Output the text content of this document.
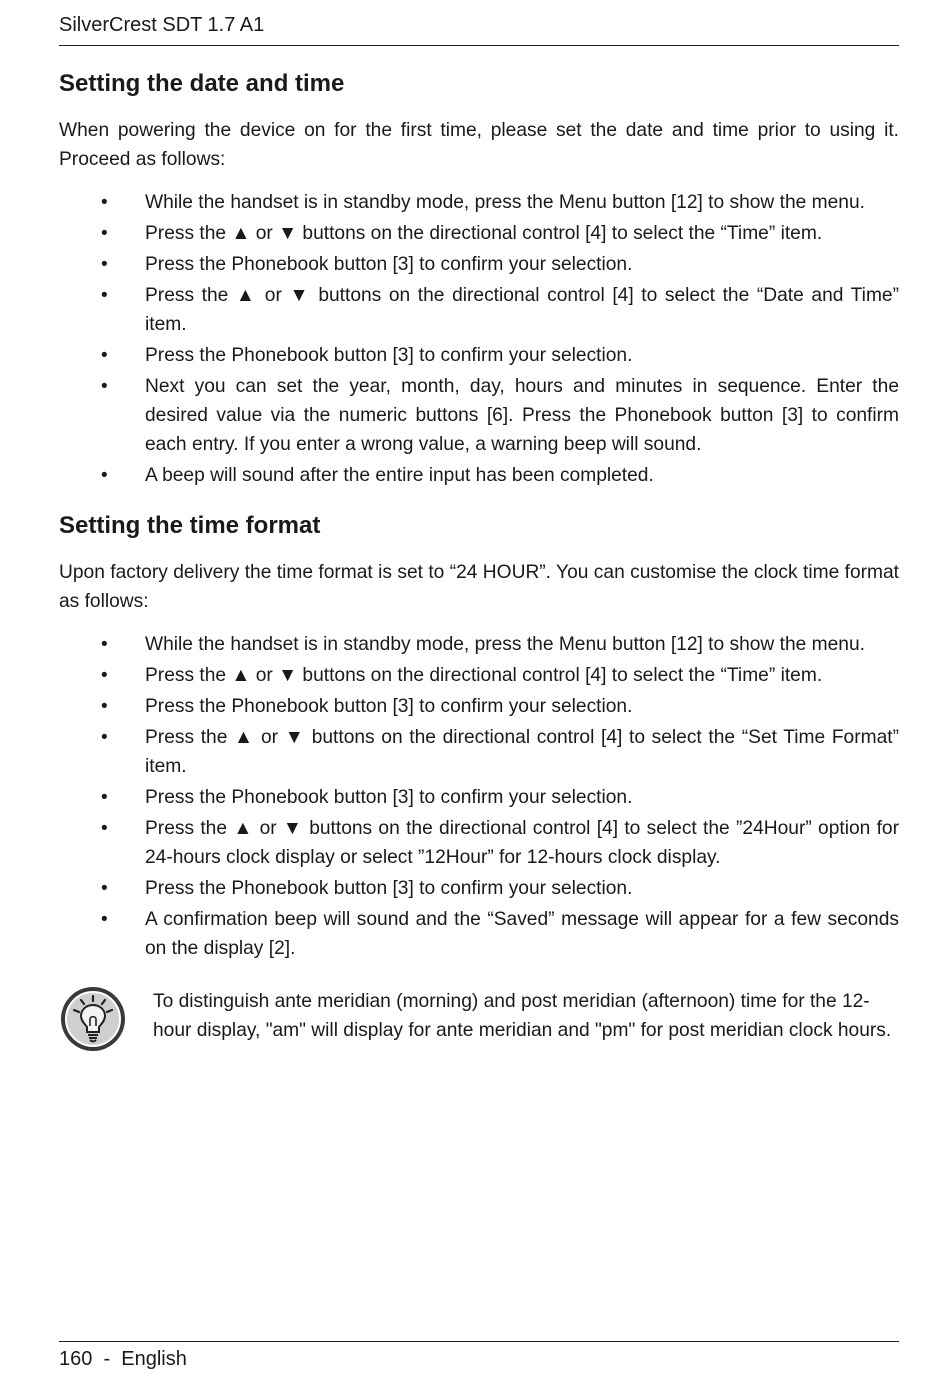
SilverCrest SDT 1.7 A1
Setting the date and time

When powering the device on for the first time, please set the date and time prior to using it. Proceed as follows:

• While the handset is in standby mode, press the Menu button [12] to show the menu.
• Press the ▲ or ▼ buttons on the directional control [4] to select the “Time” item.
• Press the Phonebook button [3] to confirm your selection.
• Press the ▲ or ▼ buttons on the directional control [4] to select the “Date and Time” item.
• Press the Phonebook button [3] to confirm your selection.
• Next you can set the year, month, day, hours and minutes in sequence. Enter the desired value via the numeric buttons [6]. Press the Phonebook button [3] to confirm each entry. If you enter a wrong value, a warning beep will sound.
• A beep will sound after the entire input has been completed.
Setting the time format

Upon factory delivery the time format is set to “24 HOUR”. You can customise the clock time format as follows:

• While the handset is in standby mode, press the Menu button [12] to show the menu.
• Press the ▲ or ▼ buttons on the directional control [4] to select the “Time” item.
• Press the Phonebook button [3] to confirm your selection.
• Press the ▲ or ▼ buttons on the directional control [4] to select the “Set Time Format” item.
• Press the Phonebook button [3] to confirm your selection.
• Press the ▲ or ▼ buttons on the directional control [4] to select the ”24Hour” option for 24-hours clock display or select ”12Hour” for 12-hours clock display.
• Press the Phonebook button [3] to confirm your selection.
• A confirmation beep will sound and the “Saved” message will appear for a few seconds on the display [2].
To distinguish ante meridian (morning) and post meridian (afternoon) time for the 12-hour display, "am" will display for ante meridian and "pm" for post meridian clock hours.
160  -  English
